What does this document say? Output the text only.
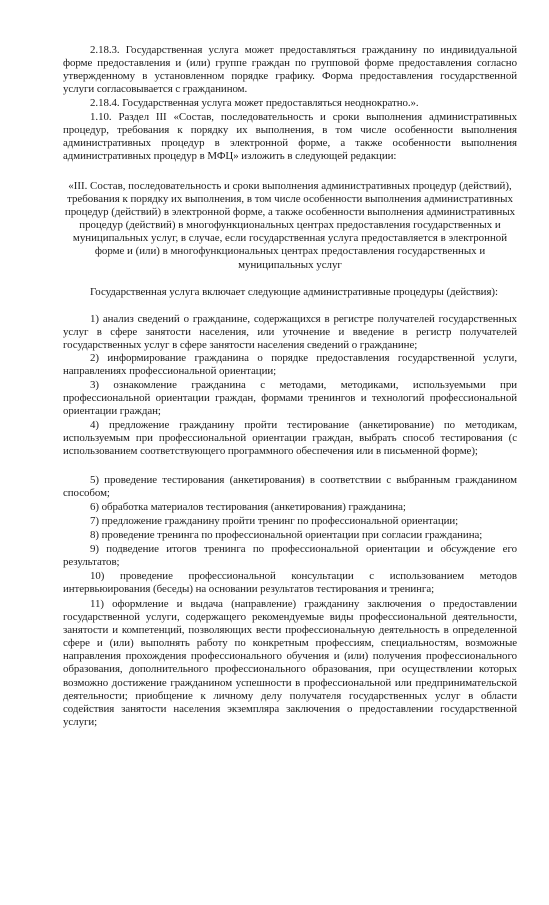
2.18.3. Государственная услуга может предоставляться гражданину по индивидуальной форме предоставления и (или) группе граждан по групповой форме предоставления согласно утвержденному в установленном порядке графику. Форма предоставления государственной услуги согласовывается с гражданином.

2.18.4. Государственная услуга может предоставляться неоднократно.».

1.10. Раздел III «Состав, последовательность и сроки выполнения административных процедур, требования к порядку их выполнения, в том числе особенности выполнения административных процедур в электронной форме, а также особенности выполнения административных процедур в МФЦ» изложить в следующей редакции:

«III. Состав, последовательность и сроки выполнения административных процедур (действий), требования к порядку их выполнения, в том числе особенности выполнения административных процедур (действий) в электронной форме, а также особенности выполнения административных процедур (действий) в многофункциональных центрах предоставления государственных и муниципальных услуг, в случае, если государственная услуга предоставляется в электронной форме и (или) в многофункциональных центрах предоставления государственных и муниципальных услуг

Государственная услуга включает следующие административные процедуры (действия):

1) анализ сведений о гражданине, содержащихся в регистре получателей государственных услуг в сфере занятости населения, или уточнение и введение в регистр получателей государственных услуг в сфере занятости населения сведений о гражданине;

2) информирование гражданина о порядке предоставления государственной услуги, направлениях профессиональной ориентации;

3) ознакомление гражданина с методами, методиками, используемыми при профессиональной ориентации граждан, формами тренингов и технологий профессиональной ориентации граждан;

4) предложение гражданину пройти тестирование (анкетирование) по методикам, используемым при профессиональной ориентации граждан, выбрать способ тестирования (с использованием соответствующего программного обеспечения или в письменной форме);

5) проведение тестирования (анкетирования) в соответствии с выбранным гражданином способом;

6) обработка материалов тестирования (анкетирования) гражданина;

7) предложение гражданину пройти тренинг по профессиональной ориентации;

8) проведение тренинга по профессиональной ориентации при согласии гражданина;

9) подведение итогов тренинга по профессиональной ориентации и обсуждение его результатов;

10) проведение профессиональной консультации с использованием методов интервьюирования (беседы) на основании результатов тестирования и тренинга;

11) оформление и выдача (направление) гражданину заключения о предоставлении государственной услуги, содержащего рекомендуемые виды профессиональной деятельности, занятости и компетенций, позволяющих вести профессиональную деятельность в определенной сфере и (или) выполнять работу по конкретным профессиям, специальностям, возможные направления прохождения профессионального обучения и (или) получения профессионального образования, дополнительного профессионального образования, при осуществлении которых возможно достижение гражданином успешности в профессиональной или предпринимательской деятельности; приобщение к личному делу получателя государственных услуг в области содействия занятости населения экземпляра заключения о предоставлении государственной услуги;
